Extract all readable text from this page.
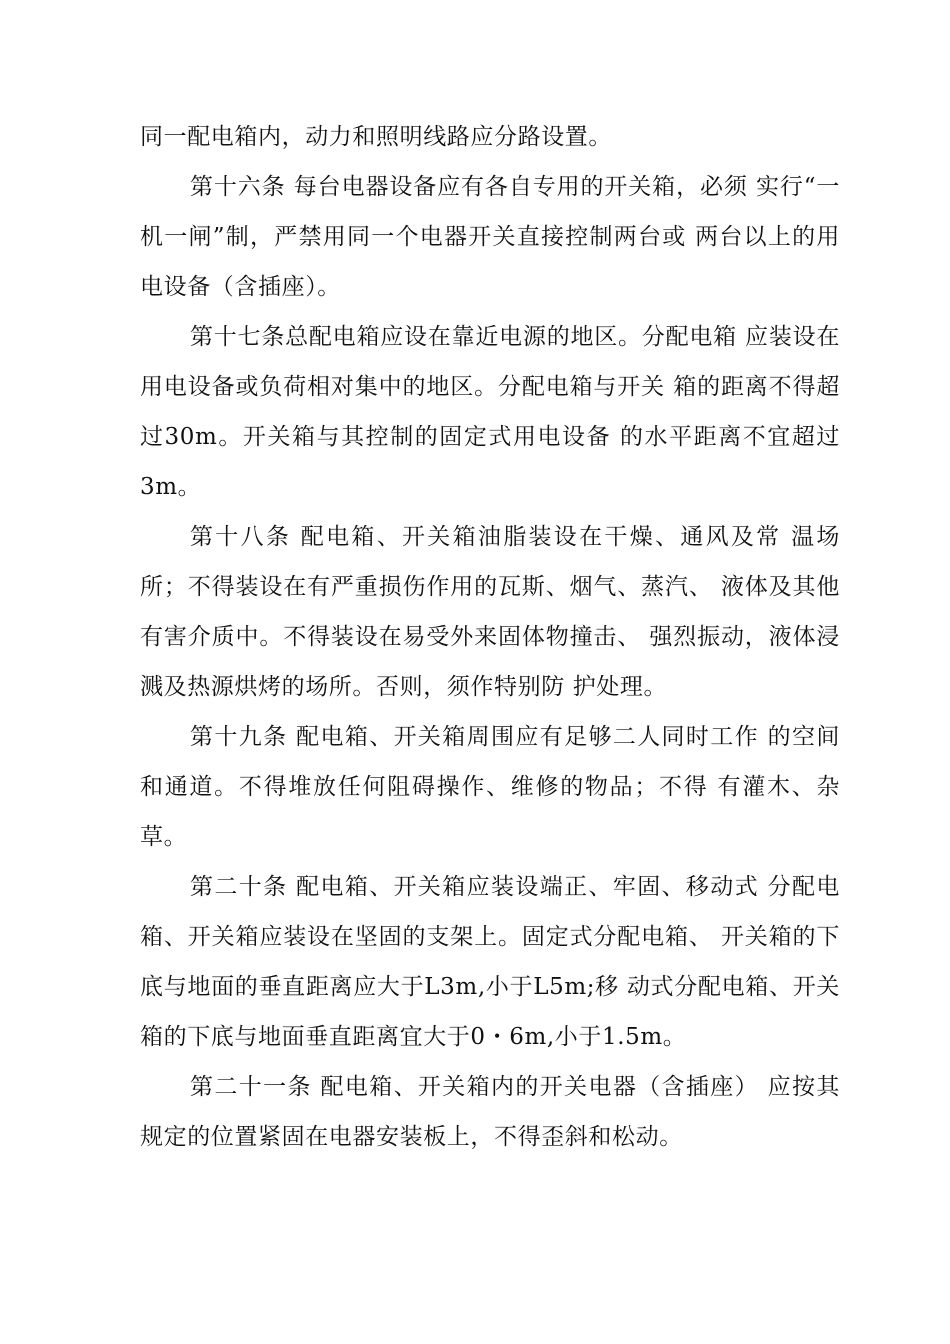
同一配电箱内，动力和照明线路应分路设置。

第十六条 每台电器设备应有各自专用的开关箱，必须 实行“一机一闸”制，严禁用同一个电器开关直接控制两台或 两台以上的用电设备（含插座）。

第十七条总配电箱应设在靠近电源的地区。分配电箱 应装设在用电设备或负荷相对集中的地区。分配电箱与开关 箱的距离不得超过30m。开关箱与其控制的固定式用电设备 的水平距离不宜超过3m。

第十八条 配电箱、开关箱油脂装设在干燥、通风及常 温场所；不得装设在有严重损伤作用的瓦斯、烟气、蒸汽、 液体及其他有害介质中。不得装设在易受外来固体物撞击、 强烈振动，液体浸溅及热源烘烤的场所。否则，须作特别防 护处理。

第十九条 配电箱、开关箱周围应有足够二人同时工作 的空间和通道。不得堆放任何阻碍操作、维修的物品；不得 有灌木、杂草。

第二十条 配电箱、开关箱应装设端正、牢固、移动式 分配电箱、开关箱应装设在坚固的支架上。固定式分配电箱、 开关箱的下底与地面的垂直距离应大于L3m,小于L5m;移 动式分配电箱、开关箱的下底与地面垂直距离宜大于0・6m,小于1.5m。

第二十一条 配电箱、开关箱内的开关电器（含插座） 应按其规定的位置紧固在电器安装板上，不得歪斜和松动。
